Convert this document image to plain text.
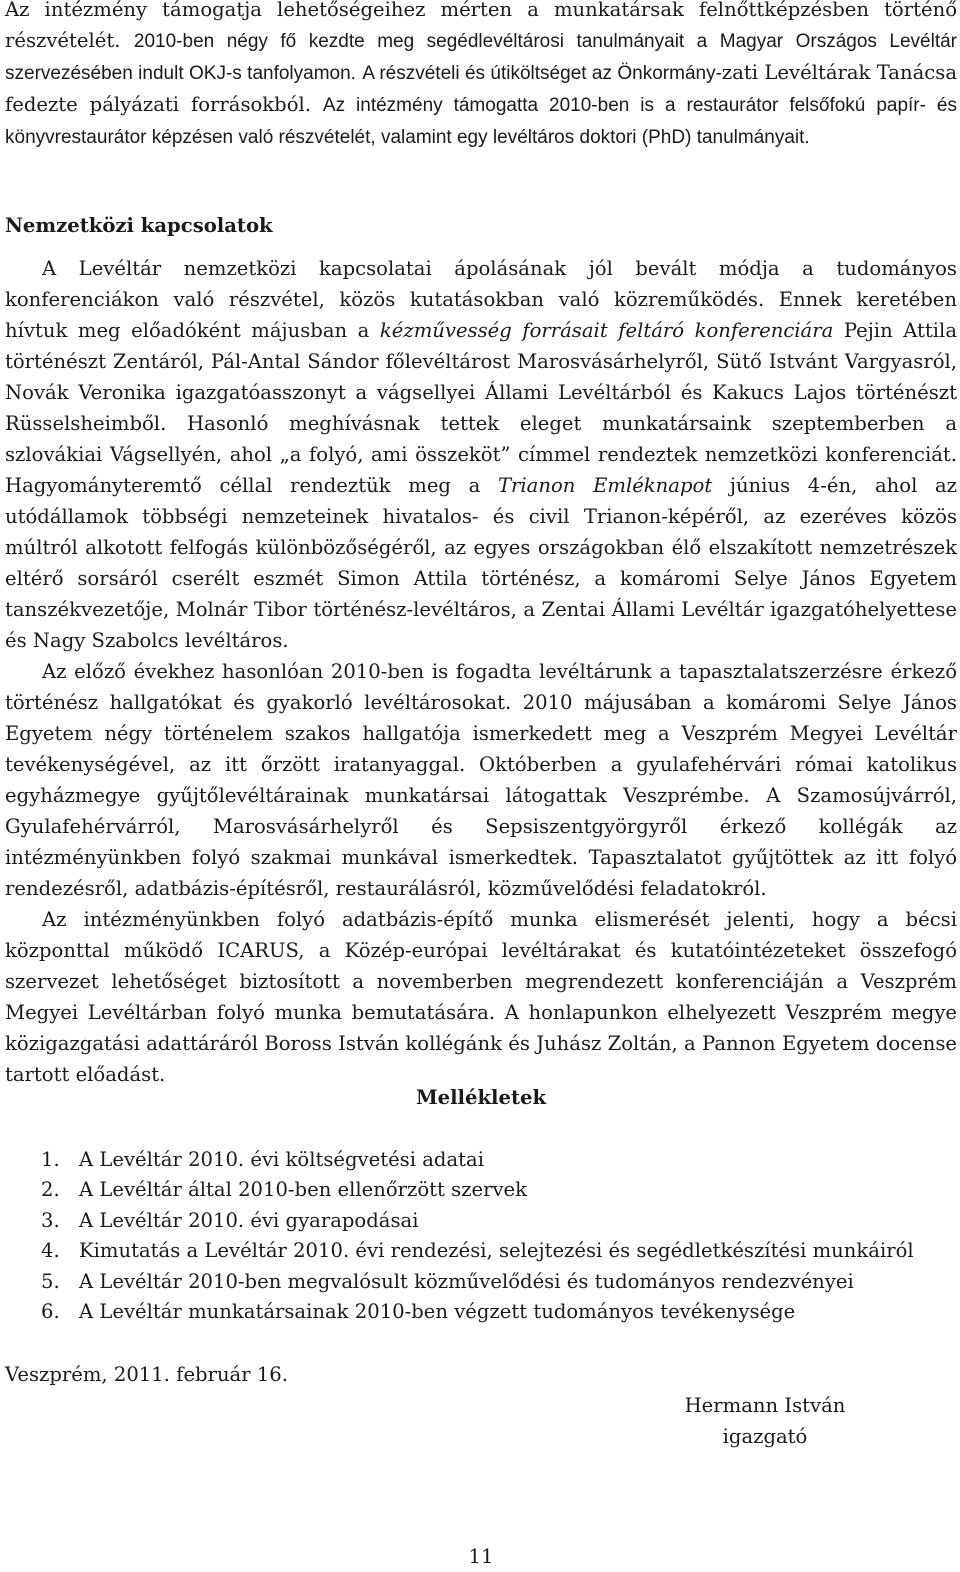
Az intézmény támogatja lehetőségeihez mérten a munkatársak felnőttképzésben történő részvételét. 2010-ben négy fő kezdte meg segédlevéltárosi tanulmányait a Magyar Országos Levéltár szervezésében indult OKJ-s tanfolyamon. A részvételi és útiköltséget az Önkormány-zati Levéltárak Tanácsa fedezte pályázati forrásokból. Az intézmény támogatta 2010-ben is a restaurátor felsőfokú papír- és könyvrestaurátor képzésen való részvételét, valamint egy levéltáros doktori (PhD) tanulmányait.

Nemzetközi kapcsolatok

A Levéltár nemzetközi kapcsolatai ápolásának jól bevált módja a tudományos konferenciákon való részvétel, közös kutatásokban való közreműködés. Ennek keretében hívtuk meg előadóként májusban a kézművesség forrásait feltáró konferenciára Pejin Attila történészt Zentáról, Pál-Antal Sándor főlevéltárost Marosvásárhelyről, Sütő Istvánt Vargyasról, Novák Veronika igazgatóasszonyt a vágsellyei Állami Levéltárból és Kakucs Lajos történészt Rüsselsheimből. Hasonló meghívásnak tettek eleget munkatársaink szeptemberben a szlovákiai Vágsellyén, ahol „a folyó, ami összeköt” címmel rendeztek nemzetközi konferenciát. Hagyományteremtő céllal rendeztük meg a Trianon Emléknapot június 4-én, ahol az utódállamok többségi nemzeteinek hivatalos- és civil Trianon-képéről, az ezeréves közös múltról alkotott felfogás különbözőségéről, az egyes országokban élő elszakított nemzetrészek eltérő sorsáról cserélt eszmét Simon Attila történész, a komáromi Selye János Egyetem tanszékvezetője, Molnár Tibor történész-levéltáros, a Zentai Állami Levéltár igazgatóhelyettese és Nagy Szabolcs levéltáros.

Az előző évekhez hasonlóan 2010-ben is fogadta levéltárunk a tapasztalatszerzésre érkező történész hallgatókat és gyakorló levéltárosokat. 2010 májusában a komáromi Selye János Egyetem négy történelem szakos hallgatója ismerkedett meg a Veszprém Megyei Levéltár tevékenységével, az itt őrzött iratanyaggal. Októberben a gyulafehérvári római katolikus egyházmegye gyűjtőlevéltárainak munkatársai látogattak Veszprémbe. A Szamosújvárról, Gyulafehérvárról, Marosvásárhelyről és Sepsiszentgyörgyről érkező kollégák az intézményünkben folyó szakmai munkával ismerkedtek. Tapasztalatot gyűjtöttek az itt folyó rendezésről, adatbázis-építésről, restaurálásról, közművelődési feladatokról.

Az intézményünkben folyó adatbázis-építő munka elismerését jelenti, hogy a bécsi központtal működő ICARUS, a Közép-európai levéltárakat és kutatóintézeteket összefogó szervezet lehetőséget biztosított a novemberben megrendezett konferenciáján a Veszprém Megyei Levéltárban folyó munka bemutatására. A honlapunkon elhelyezett Veszprém megye közigazgatási adattáráról Boross István kollégánk és Juhász Zoltán, a Pannon Egyetem docense tartott előadást.

Mellékletek

1. A Levéltár 2010. évi költségvetési adatai
2. A Levéltár által 2010-ben ellenőrzött szervek
3. A Levéltár 2010. évi gyarapodásai
4. Kimutatás a Levéltár 2010. évi rendezési, selejtezési és segédletkészítési munkáiról
5. A Levéltár 2010-ben megvalósult közművelődési és tudományos rendezvényei
6. A Levéltár munkatársainak 2010-ben végzett tudományos tevékenysége

Veszprém, 2011. február 16.

Hermann István
igazgató
11
